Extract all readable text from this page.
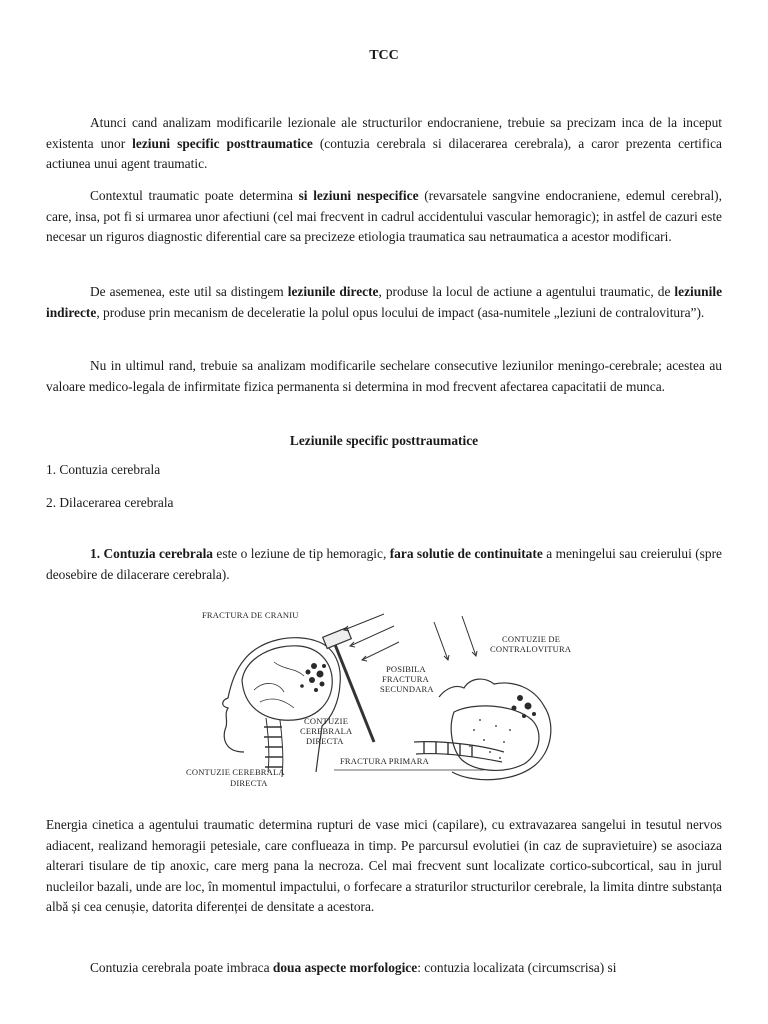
TCC

Atunci cand analizam modificarile lezionale ale structurilor endocraniene, trebuie sa precizam inca de la inceput existenta unor leziuni specific posttraumatice (contuzia cerebrala si dilacerarea cerebrala), a caror prezenta certifica actiunea unui agent traumatic.

Contextul traumatic poate determina si leziuni nespecifice (revarsatele sangvine endocraniene, edemul cerebral), care, insa, pot fi si urmarea unor afectiuni (cel mai frecvent in cadrul accidentului vascular hemoragic); in astfel de cazuri este necesar un riguros diagnostic diferential care sa precizeze etiologia traumatica sau netraumatica a acestor modificari.

De asemenea, este util sa distingem leziunile directe, produse la locul de actiune a agentului traumatic, de leziunile indirecte, produse prin mecanism de deceleratie la polul opus locului de impact (asa-numitele „leziuni de contralovitura”).

Nu in ultimul rand, trebuie sa analizam modificarile sechelare consecutive leziunilor meningo-cerebrale; acestea au valoare medico-legala de infirmitate fizica permanenta si determina in mod frecvent afectarea capacitatii de munca.

Leziunile specific posttraumatice
1. Contuzia cerebrala
2. Dilacerarea cerebrala

1. Contuzia cerebrala este o leziune de tip hemoragic, fara solutie de continuitate a meningelui sau creierului (spre deosebire de dilacerare cerebrala).

FRACTURA DE CRANIU
CONTUZIE DE
CONTRALOVITURA
POSIBILA
FRACTURA
SECUNDARA
CONTUZIE
CEREBRALA
DIRECTA
FRACTURA PRIMARA
CONTUZIE CEREBRALA
DIRECTA

Energia cinetica a agentului traumatic determina rupturi de vase mici (capilare), cu extravazarea sangelui in tesutul nervos adiacent, realizand hemoragii petesiale, care conflueaza in timp. Pe parcursul evolutiei (in caz de supravietuire) se asociaza alterari tisulare de tip anoxic, care merg pana la necroza. Cel mai frecvent sunt localizate cortico-subcortical, sau in jurul nucleilor bazali, unde are loc, în momentul impactului, o forfecare a straturilor structurilor cerebrale, la limita dintre substanța albă și cea cenușie, datorita diferenței de densitate a acestora.

Contuzia cerebrala poate imbraca doua aspecte morfologice: contuzia localizata (circumscrisa) si
